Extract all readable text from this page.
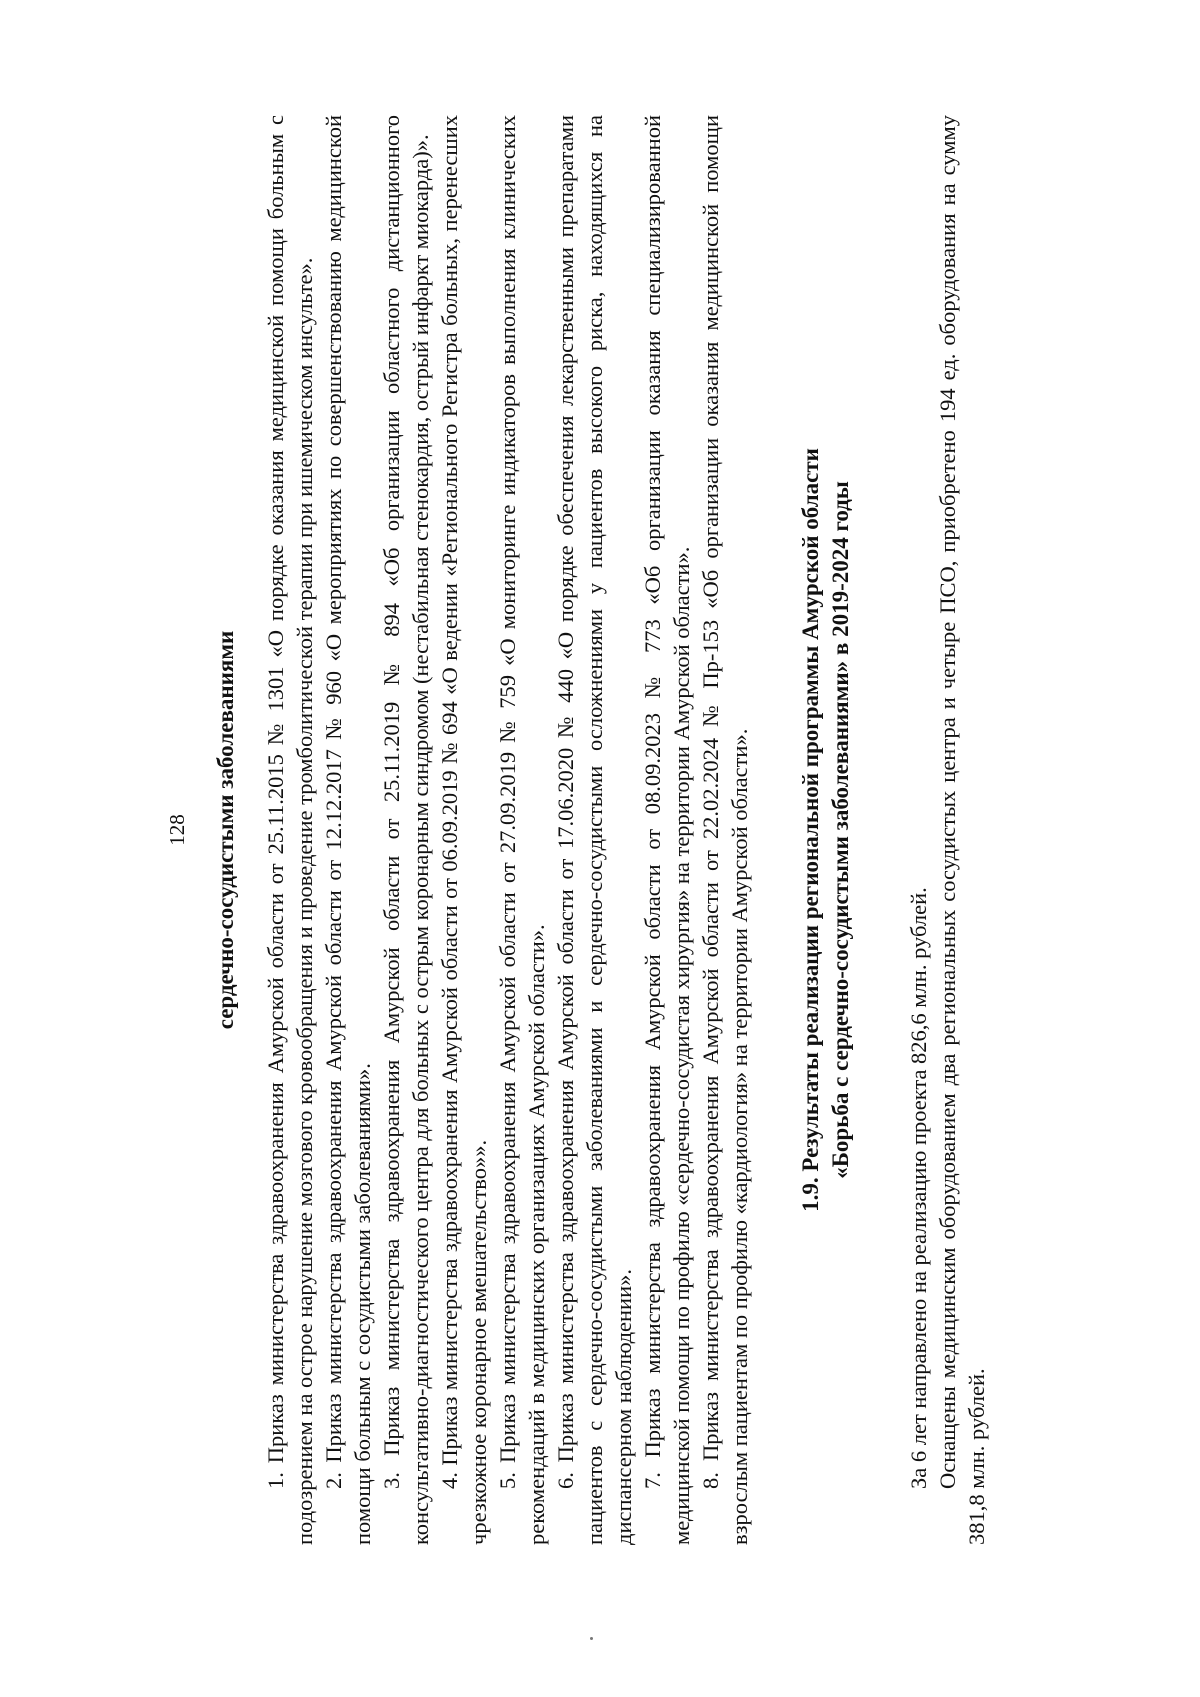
128 сердечно-сосудистыми заболеваниями 1. Приказ министерства здравоохранения Амурской области от 25.11.2015 № 1301 «О порядке оказания медицинской помощи больным с подозрением на острое нарушение мозгового кровообращения и проведение тромболитической терапии при ишемическом инсульте». 2. Приказ министерства здравоохранения Амурской области от 12.12.2017 № 960 «О мероприятиях по совершенствованию медицинской помощи больным с сосудистыми заболеваниями». 3. Приказ министерства здравоохранения Амурской области от 25.11.2019 № 894 «Об организации областного дистанционного консультативно-диагностического центра для больных с острым коронарным синдромом (нестабильная стенокардия, острый инфаркт миокарда)». 4. Приказ министерства здравоохранения Амурской области от 06.09.2019 № 694 «О ведении «Регионального Регистра больных, перенесших чрезкожное коронарное вмешательство»». 5. Приказ министерства здравоохранения Амурской области от 27.09.2019 № 759 «О мониторинге индикаторов выполнения клинических рекомендаций в медицинских организациях Амурской области». 6. Приказ министерства здравоохранения Амурской области от 17.06.2020 № 440 «О порядке обеспечения лекарственными препаратами пациентов с сердечно-сосудистыми заболеваниями и сердечно-сосудистыми осложнениями у пациентов высокого риска, находящихся на диспансерном наблюдении». 7. Приказ министерства здравоохранения Амурской области от 08.09.2023 № 773 «Об организации оказания специализированной медицинской помощи по профилю «сердечно-сосудистая хирургия» на территории Амурской области». 8. Приказ министерства здравоохранения Амурской области от 22.02.2024 № Пр-153 «Об организации оказания медицинской помощи взрослым пациентам по профилю «кардиология» на территории Амурской области». 1.9. Результаты реализации региональной программы Амурской области «Борьба с сердечно-сосудистыми заболеваниями» в 2019-2024 годы

За 6 лет направлено на реализацию проекта 826,6 млн. рублей. Оснащены медицинским оборудованием два региональных сосудистых центра и четыре ПСО, приобретено 194 ед. оборудования на сумму 381,8 млн. рублей.
